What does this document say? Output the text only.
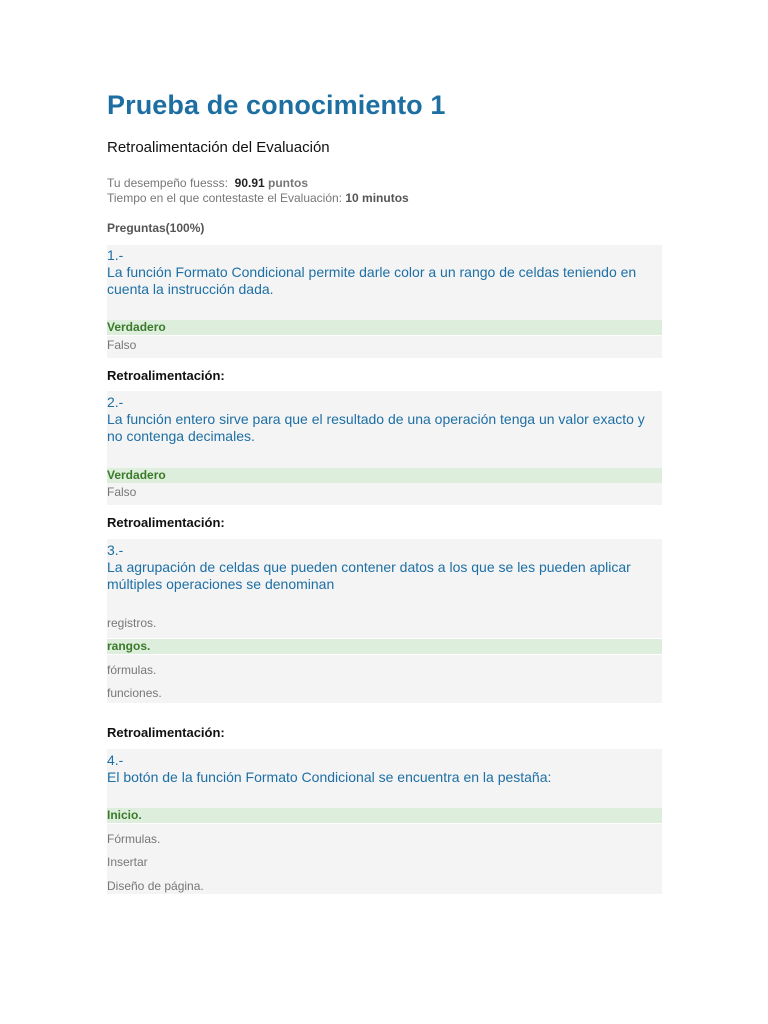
Prueba de conocimiento 1
Retroalimentación del Evaluación
Tu desempeño fuesss: 90.91 puntos
Tiempo en el que contestaste el Evaluación: 10 minutos
Preguntas(100%)
1.-
La función Formato Condicional permite darle color a un rango de celdas teniendo en cuenta la instrucción dada.
Verdadero
Falso
Retroalimentación:
2.-
La función entero sirve para que el resultado de una operación tenga un valor exacto y no contenga decimales.
Verdadero
Falso
Retroalimentación:
3.-
La agrupación de celdas que pueden contener datos a los que se les pueden aplicar múltiples operaciones se denominan
registros.
rangos.
fórmulas.
funciones.
Retroalimentación:
4.-
El botón de la función Formato Condicional se encuentra en la pestaña:
Inicio.
Fórmulas.
Insertar
Diseño de página.
